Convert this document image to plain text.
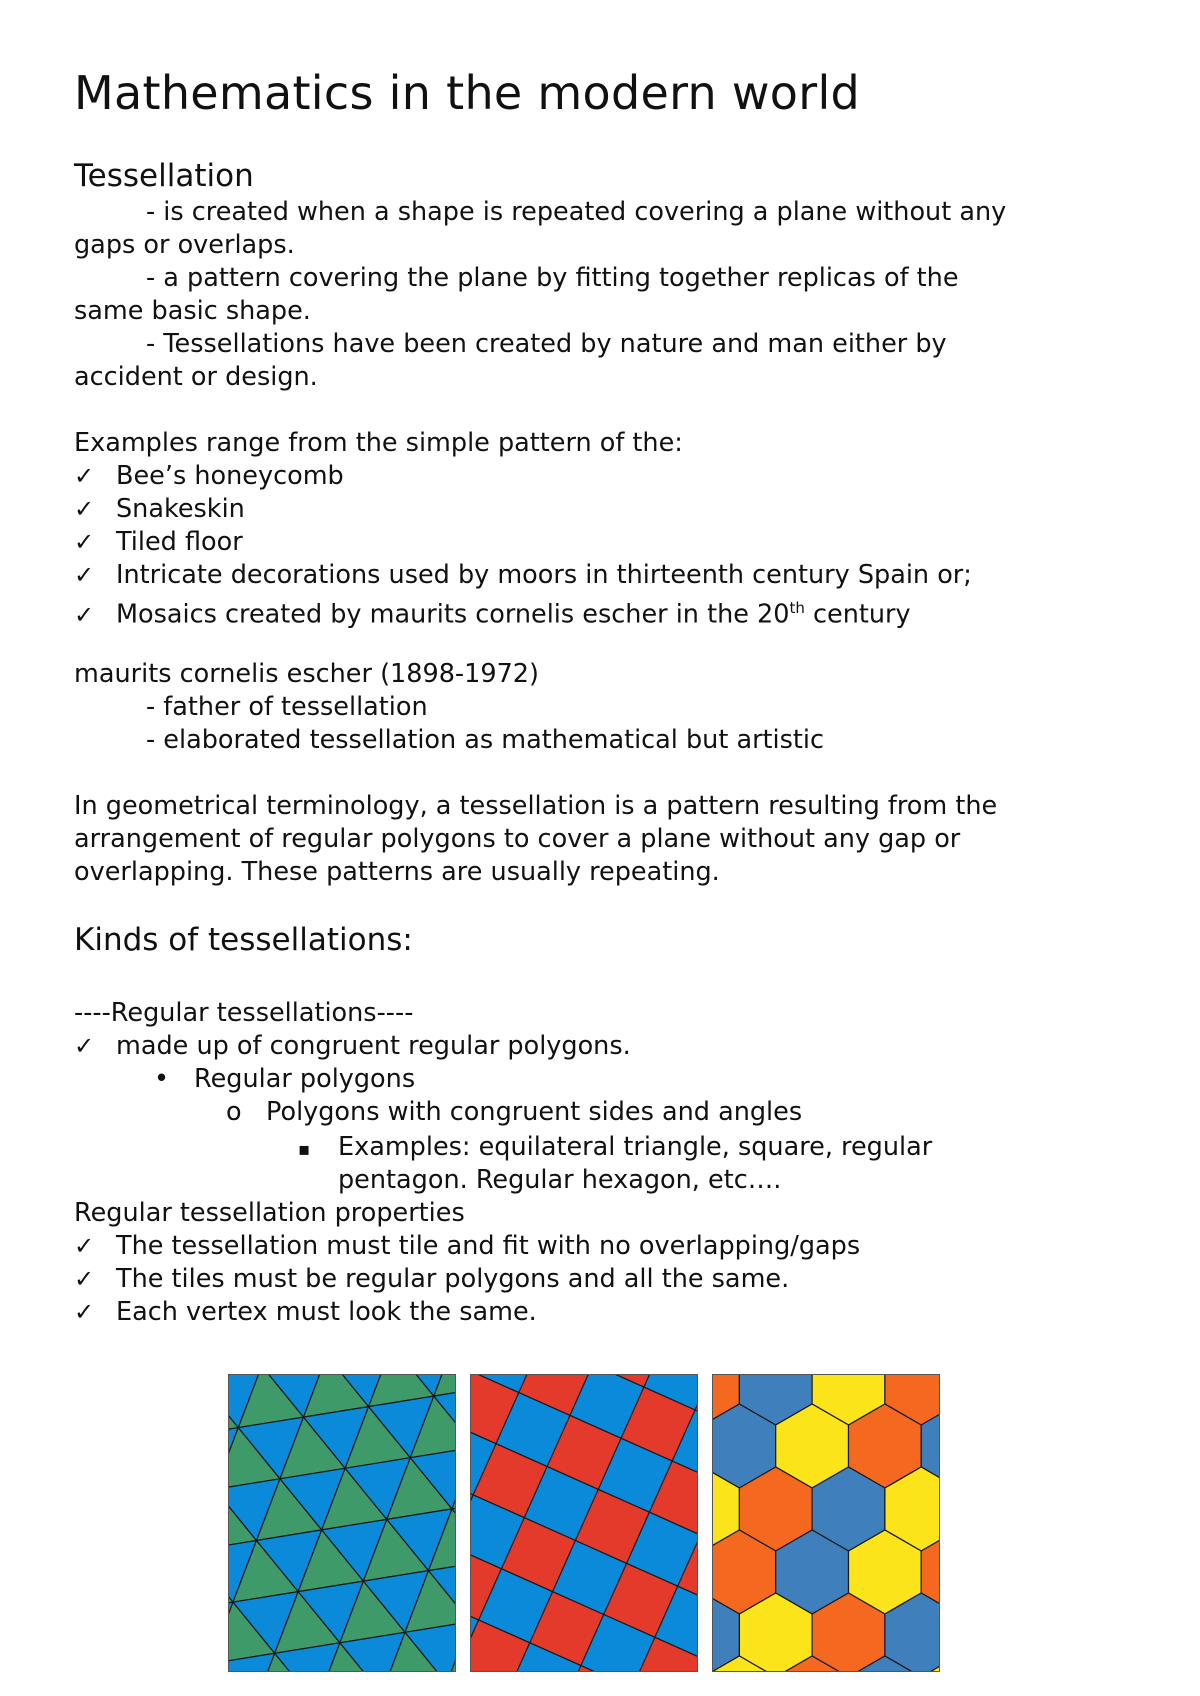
Mathematics in the modern world
Tessellation
- is created when a shape is repeated covering a plane without any
gaps or overlaps.
- a pattern covering the plane by fitting together replicas of the
same basic shape.
- Tessellations have been created by nature and man either by
accident or design.
Examples range from the simple pattern of the:
✓ Bee’s honeycomb
✓ Snakeskin
✓ Tiled floor
✓ Intricate decorations used by moors in thirteenth century Spain or;
✓ Mosaics created by maurits cornelis escher in the 20th century
maurits cornelis escher (1898-1972)
- father of tessellation
- elaborated tessellation as mathematical but artistic
In geometrical terminology, a tessellation is a pattern resulting from the
arrangement of regular polygons to cover a plane without any gap or
overlapping. These patterns are usually repeating.
Kinds of tessellations:
----Regular tessellations----
✓ made up of congruent regular polygons.
• Regular polygons
o Polygons with congruent sides and angles
▪ Examples: equilateral triangle, square, regular
pentagon. Regular hexagon, etc….
Regular tessellation properties
✓ The tessellation must tile and fit with no overlapping/gaps
✓ The tiles must be regular polygons and all the same.
✓ Each vertex must look the same.
